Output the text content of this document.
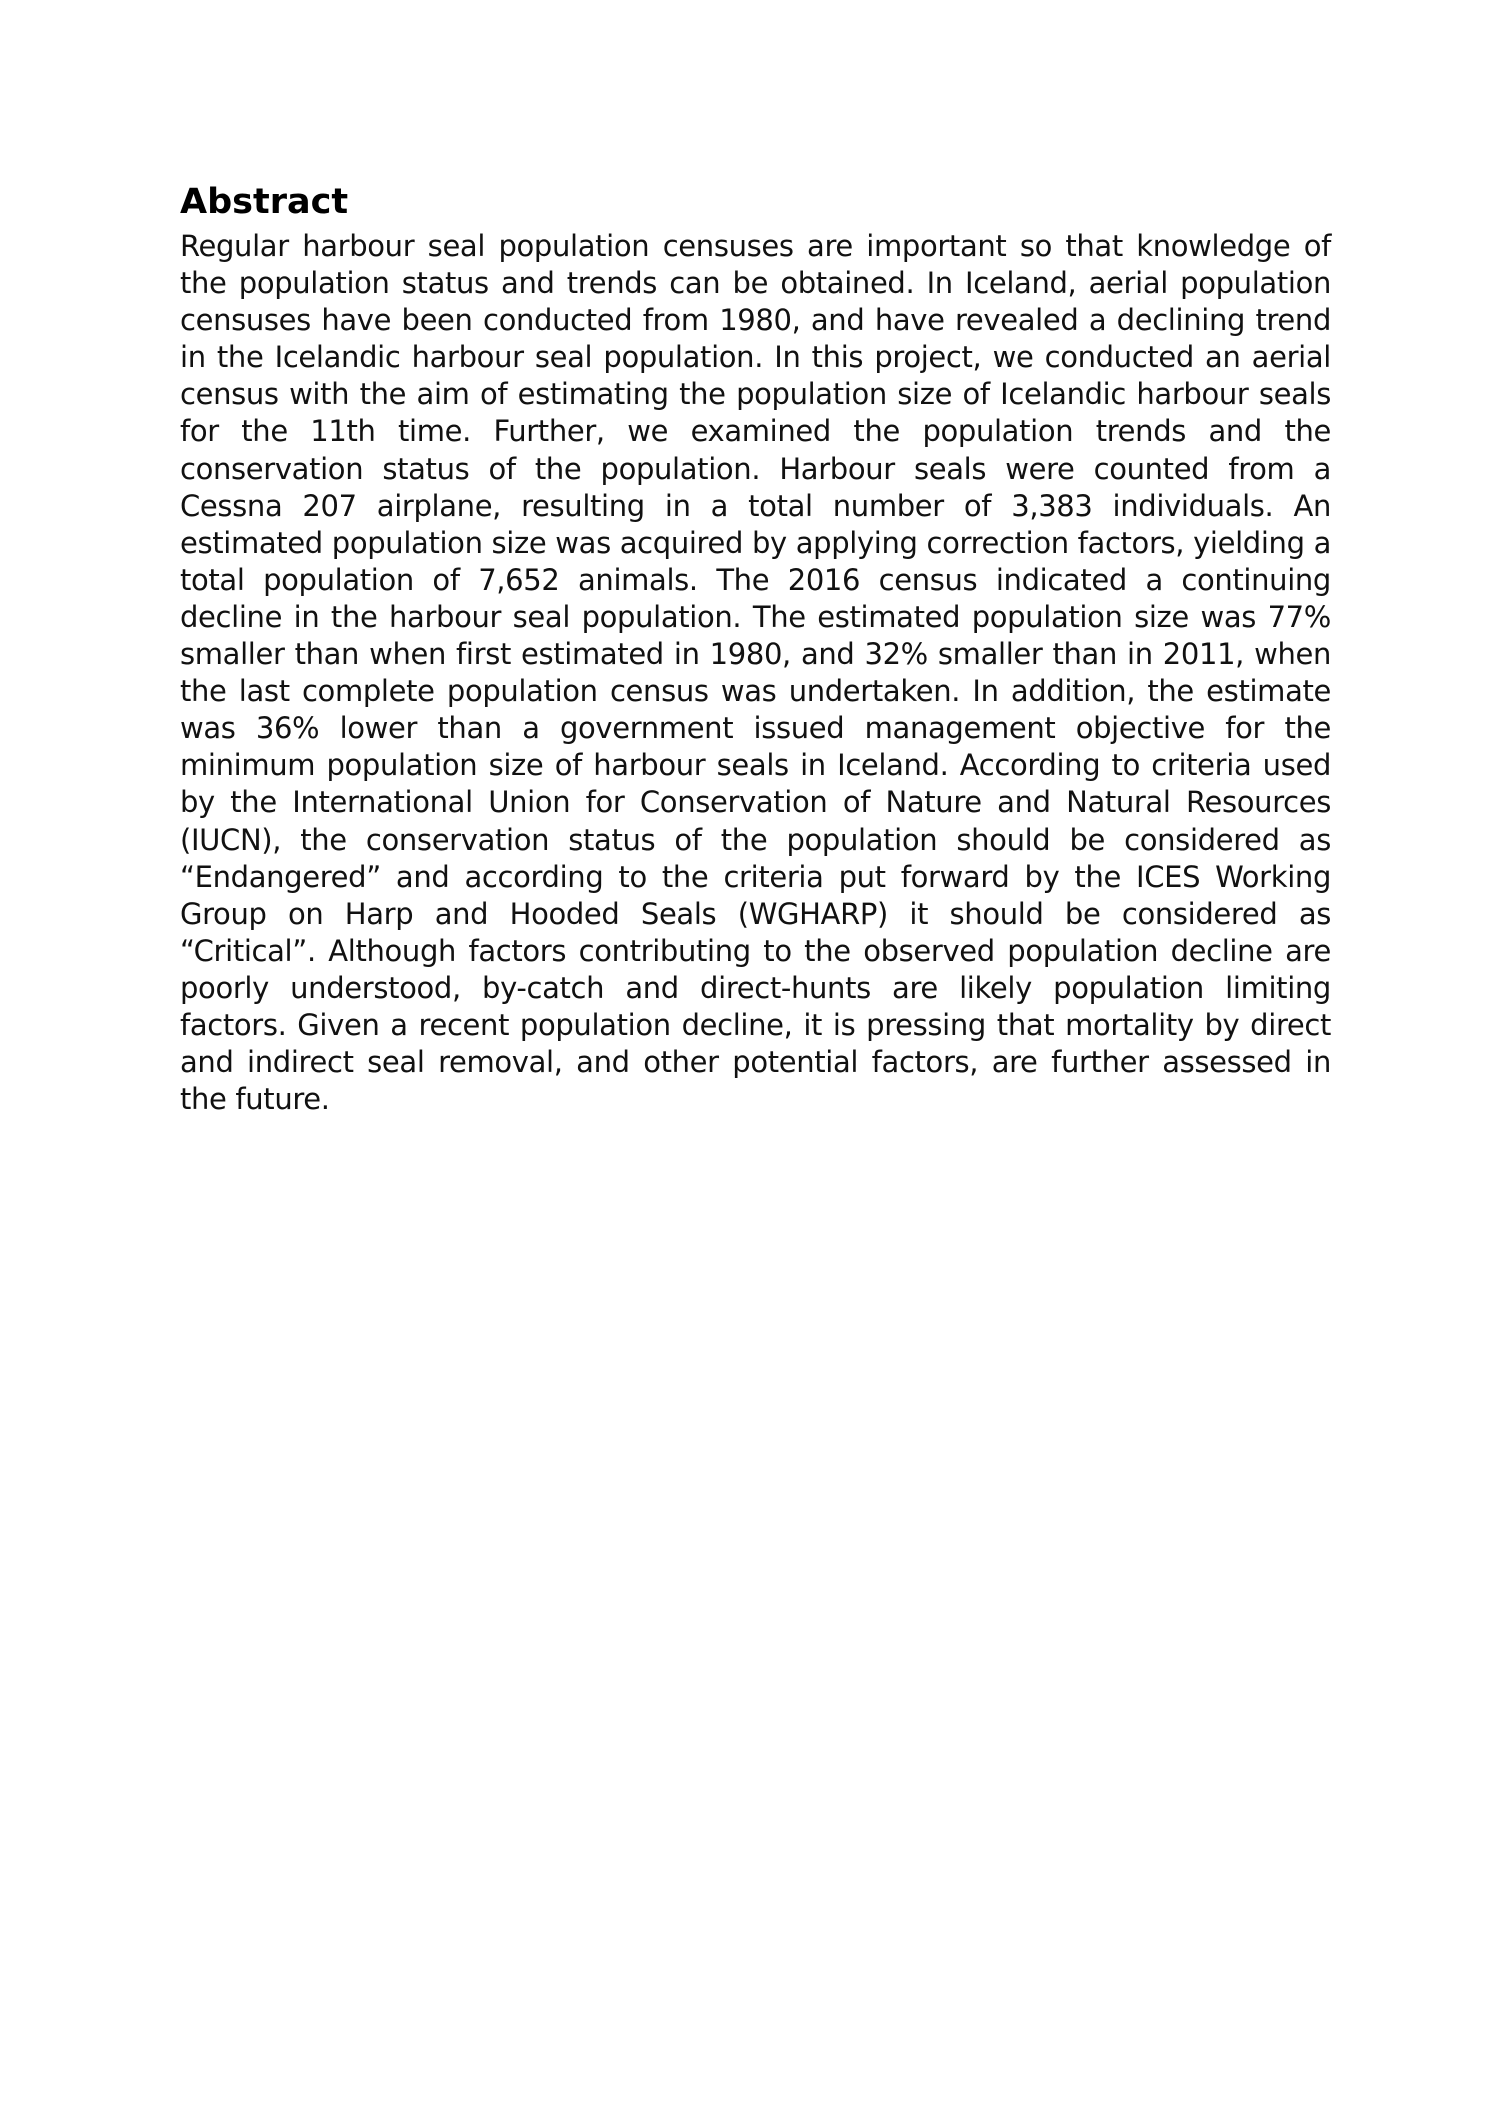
Abstract

Regular harbour seal population censuses are important so that knowledge of the population status and trends can be obtained. In Iceland, aerial population censuses have been conducted from 1980, and have revealed a declining trend in the Icelandic harbour seal population. In this project, we conducted an aerial census with the aim of estimating the population size of Icelandic harbour seals for the 11th time. Further, we examined the population trends and the conservation status of the population. Harbour seals were counted from a Cessna 207 airplane, resulting in a total number of 3,383 individuals. An estimated population size was acquired by applying correction factors, yielding a total population of 7,652 animals. The 2016 census indicated a continuing decline in the harbour seal population. The estimated population size was 77% smaller than when first estimated in 1980, and 32% smaller than in 2011, when the last complete population census was undertaken. In addition, the estimate was 36% lower than a government issued management objective for the minimum population size of harbour seals in Iceland. According to criteria used by the International Union for Conservation of Nature and Natural Resources (IUCN), the conservation status of the population should be considered as “Endangered” and according to the criteria put forward by the ICES Working Group on Harp and Hooded Seals (WGHARP) it should be considered as “Critical”. Although factors contributing to the observed population decline are poorly understood, by-catch and direct-hunts are likely population limiting factors. Given a recent population decline, it is pressing that mortality by direct and indirect seal removal, and other potential factors, are further assessed in the future.
